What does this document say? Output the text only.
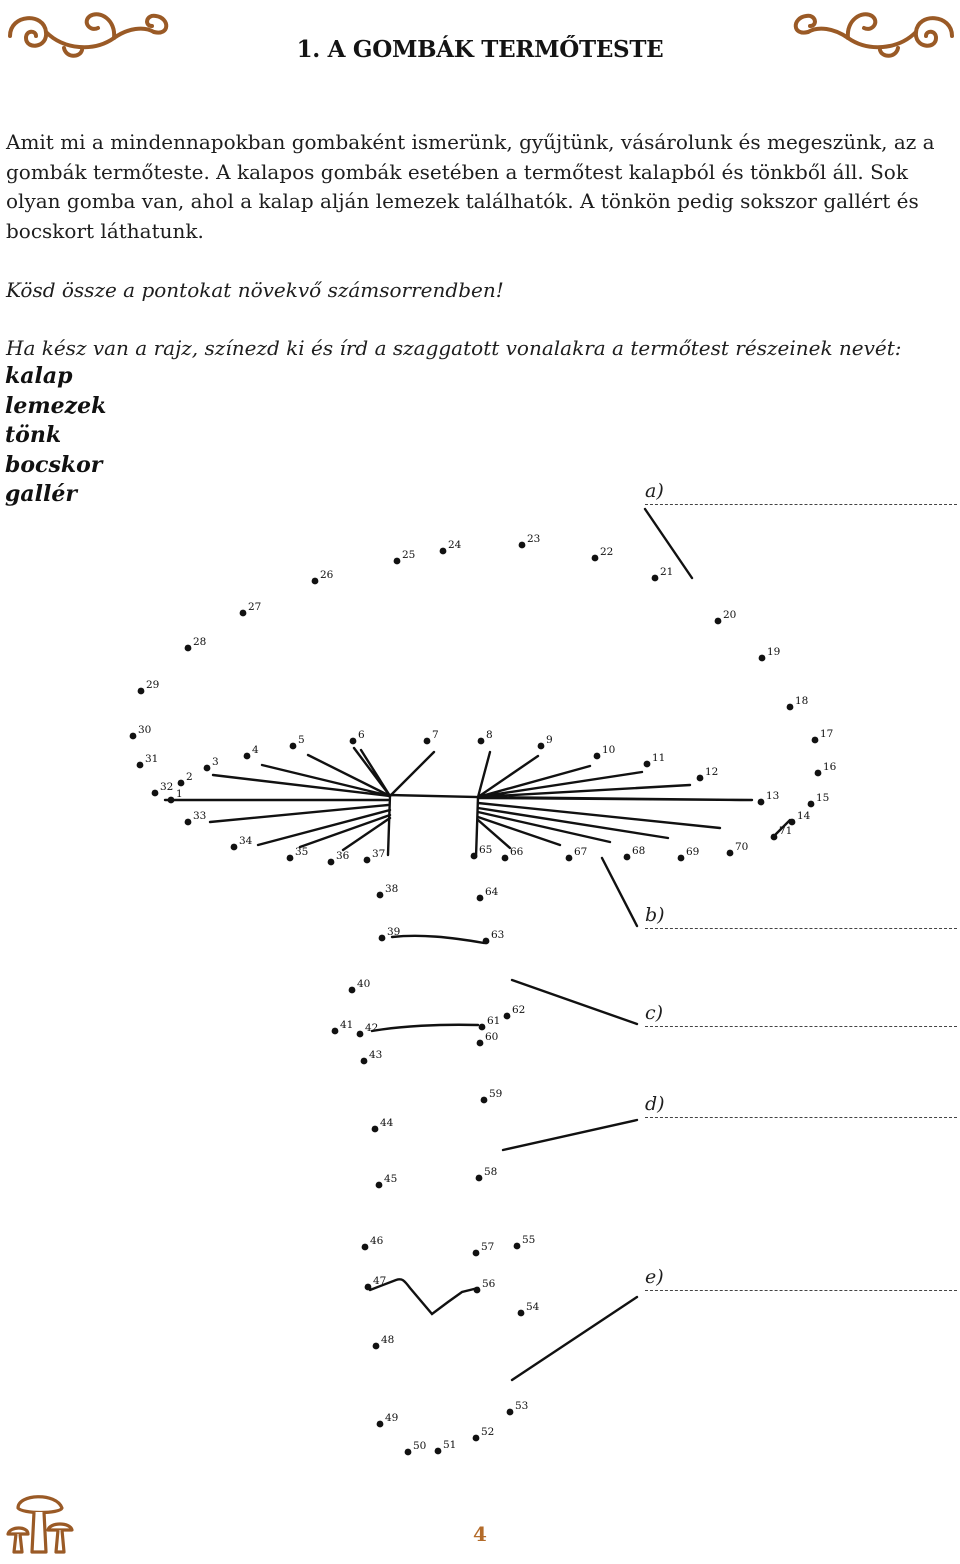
1. A GOMBÁK TERMŐTESTE

Amit mi a mindennapokban gombaként ismerünk, gyűjtünk, vásárolunk és megeszünk, az a gombák termőteste. A kalapos gombák esetében a termőtest kalapból és tönkből áll. Sok olyan gomba van, ahol a kalap alján lemezek találhatók. A tönkön pedig sokszor gallért és bocskort láthatunk.

Kösd össze a pontokat növekvő számsorrendben!
Ha kész van a rajz, színezd ki és írd a szaggatott vonalakra a termőtest részeinek nevét:
kalap
lemezek
tönk
bocskor
gallér	a)
b)
c)
d)
e)
1
2
3
4
5	6	7	8	9
10
11
12
13
14
15
16
17
18
19
20
21
22
23
24
25
26
27
28
29
30
31
32
33
34
35	36 37
38
39
40
41 42
43
44
45
46
47
48
49
50 51
52
53
54
55
56
57
58
59
60
61
62
63
64
65 66	67	68	69	70
71
4
